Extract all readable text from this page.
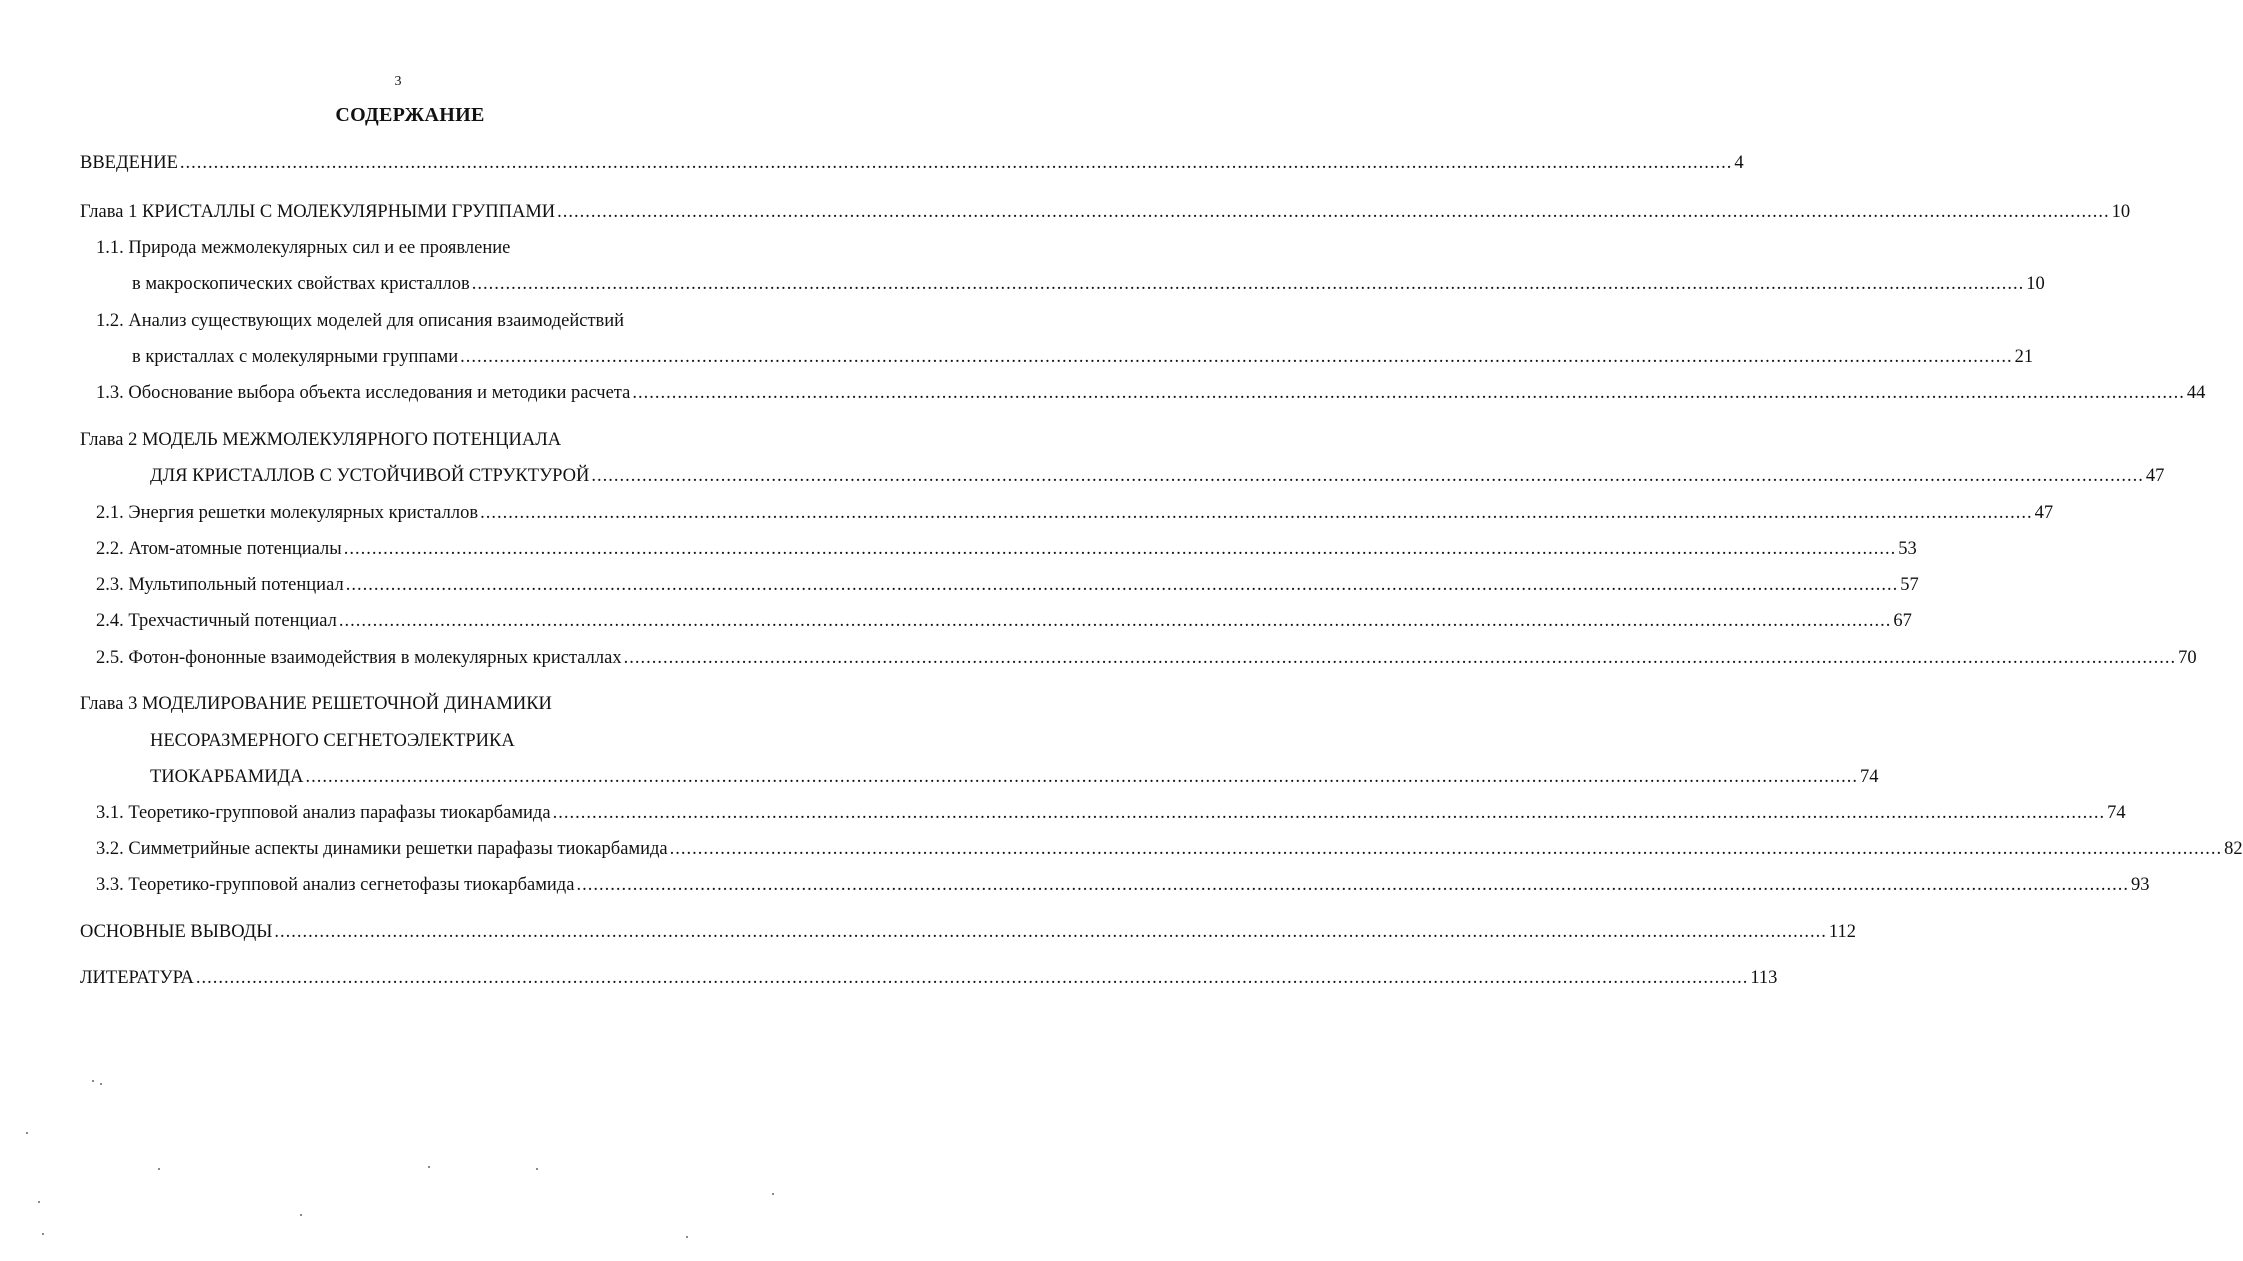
3
СОДЕРЖАНИЕ
ВВЕДЕНИЕ .................................................................................................................................................................................................................................................................................... 4
Глава 1 КРИСТАЛЛЫ С МОЛЕКУЛЯРНЫМИ ГРУППАМИ .................................................................................................................................................................................................................................................................................... 10
1.1. Природа межмолекулярных сил и ее проявление
в макроскопических свойствах кристаллов .................................................................................................................................................................................................................................................................................... 10
1.2. Анализ существующих моделей для описания взаимодействий
в кристаллах с молекулярными группами .................................................................................................................................................................................................................................................................................... 21
1.3. Обоснование выбора объекта исследования и методики расчета .................................................................................................................................................................................................................................................................................... 44
Глава 2 МОДЕЛЬ МЕЖМОЛЕКУЛЯРНОГО ПОТЕНЦИАЛА
ДЛЯ КРИСТАЛЛОВ С УСТОЙЧИВОЙ СТРУКТУРОЙ .................................................................................................................................................................................................................................................................................... 47
2.1. Энергия решетки молекулярных кристаллов .................................................................................................................................................................................................................................................................................... 47
2.2. Атом-атомные потенциалы .................................................................................................................................................................................................................................................................................... 53
2.3. Мультипольный потенциал .................................................................................................................................................................................................................................................................................... 57
2.4. Трехчастичный потенциал .................................................................................................................................................................................................................................................................................... 67
2.5. Фотон-фононные взаимодействия в молекулярных кристаллах .................................................................................................................................................................................................................................................................................... 70
Глава 3 МОДЕЛИРОВАНИЕ РЕШЕТОЧНОЙ ДИНАМИКИ
НЕСОРАЗМЕРНОГО СЕГНЕТОЭЛЕКТРИКА
ТИОКАРБАМИДА .................................................................................................................................................................................................................................................................................... 74
3.1. Теоретико-групповой анализ парафазы тиокарбамида .................................................................................................................................................................................................................................................................................... 74
3.2. Симметрийные аспекты динамики решетки парафазы тиокарбамида .................................................................................................................................................................................................................................................................................... 82
3.3. Теоретико-групповой анализ сегнетофазы тиокарбамида .................................................................................................................................................................................................................................................................................... 93
ОСНОВНЫЕ ВЫВОДЫ .................................................................................................................................................................................................................................................................................... 112
ЛИТЕРАТУРА .................................................................................................................................................................................................................................................................................... 113
